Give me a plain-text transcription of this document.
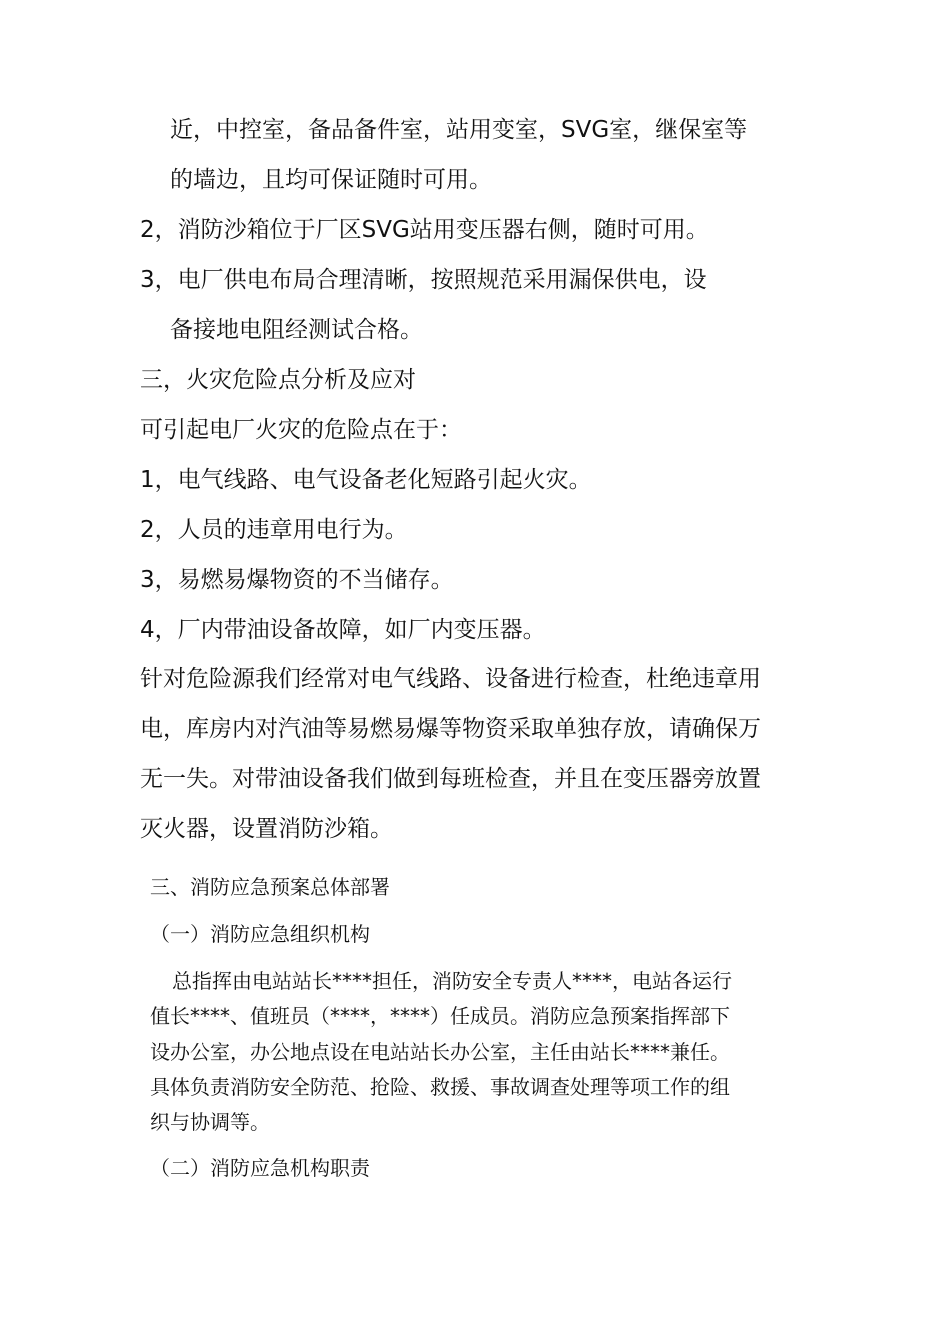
近，中控室，备品备件室，站用变室，SVG室，继保室等

的墙边，且均可保证随时可用。

2，消防沙箱位于厂区SVG站用变压器右侧，随时可用。

3，电厂供电布局合理清晰，按照规范采用漏保供电，设

备接地电阻经测试合格。

三，火灾危险点分析及应对

可引起电厂火灾的危险点在于：

1，电气线路、电气设备老化短路引起火灾。

2，人员的违章用电行为。

3，易燃易爆物资的不当储存。

4，厂内带油设备故障，如厂内变压器。

针对危险源我们经常对电气线路、设备进行检查，杜绝违章用

电，库房内对汽油等易燃易爆等物资采取单独存放，请确保万

无一失。对带油设备我们做到每班检查，并且在变压器旁放置

灭火器，设置消防沙箱。

三、消防应急预案总体部署

（一）消防应急组织机构

总指挥由电站站长****担任，消防安全专责人****，电站各运行

值长****、值班员（****，****）任成员。消防应急预案指挥部下

设办公室，办公地点设在电站站长办公室，主任由站长****兼任。

具体负责消防安全防范、抢险、救援、事故调查处理等项工作的组

织与协调等。

（二）消防应急机构职责
